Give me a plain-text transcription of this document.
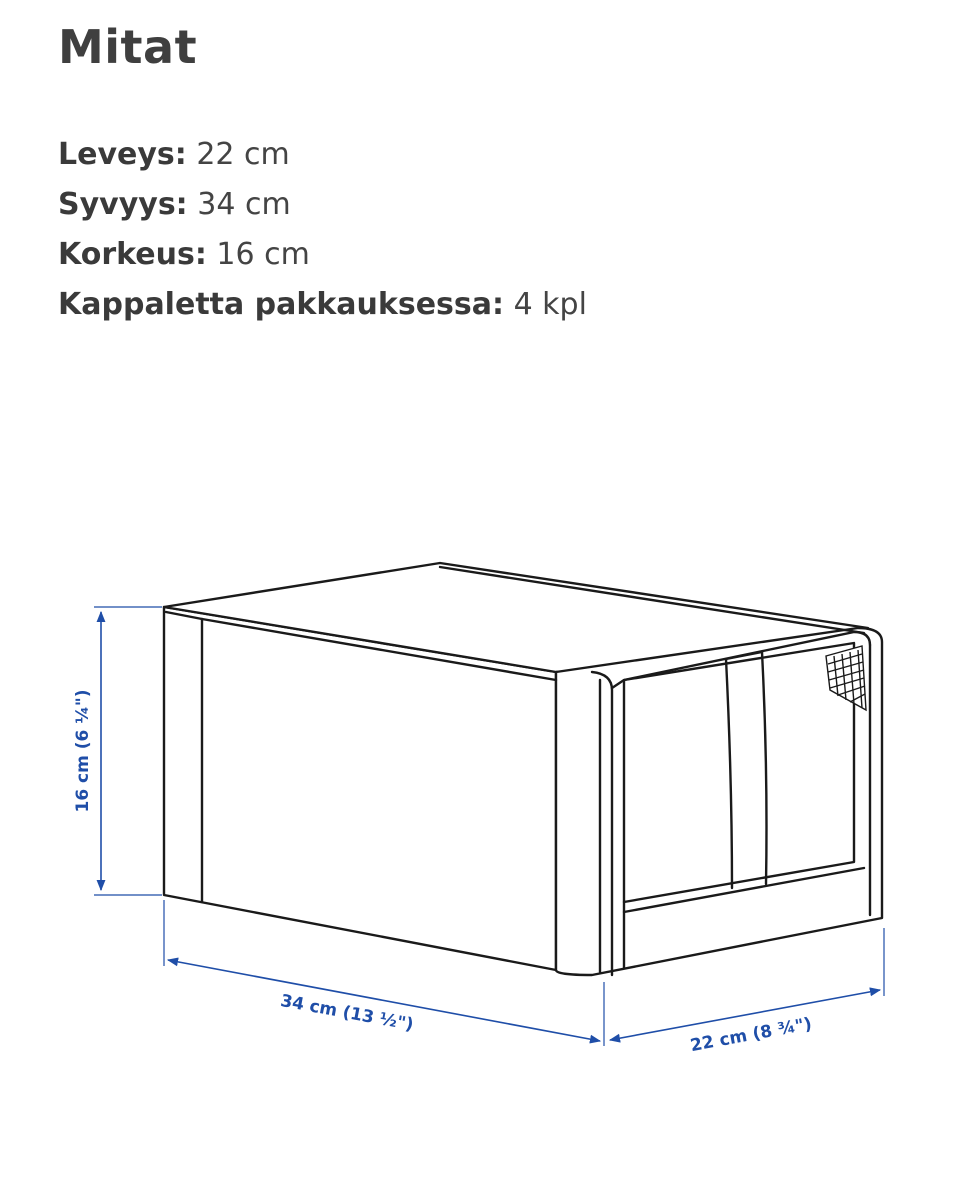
Mitat
Leveys: 22 cm
Syvyys: 34 cm
Korkeus: 16 cm
Kappaletta pakkauksessa: 4 kpl
16 cm (6 ¼")
34 cm (13 ½")	22 cm (8 ¾")
